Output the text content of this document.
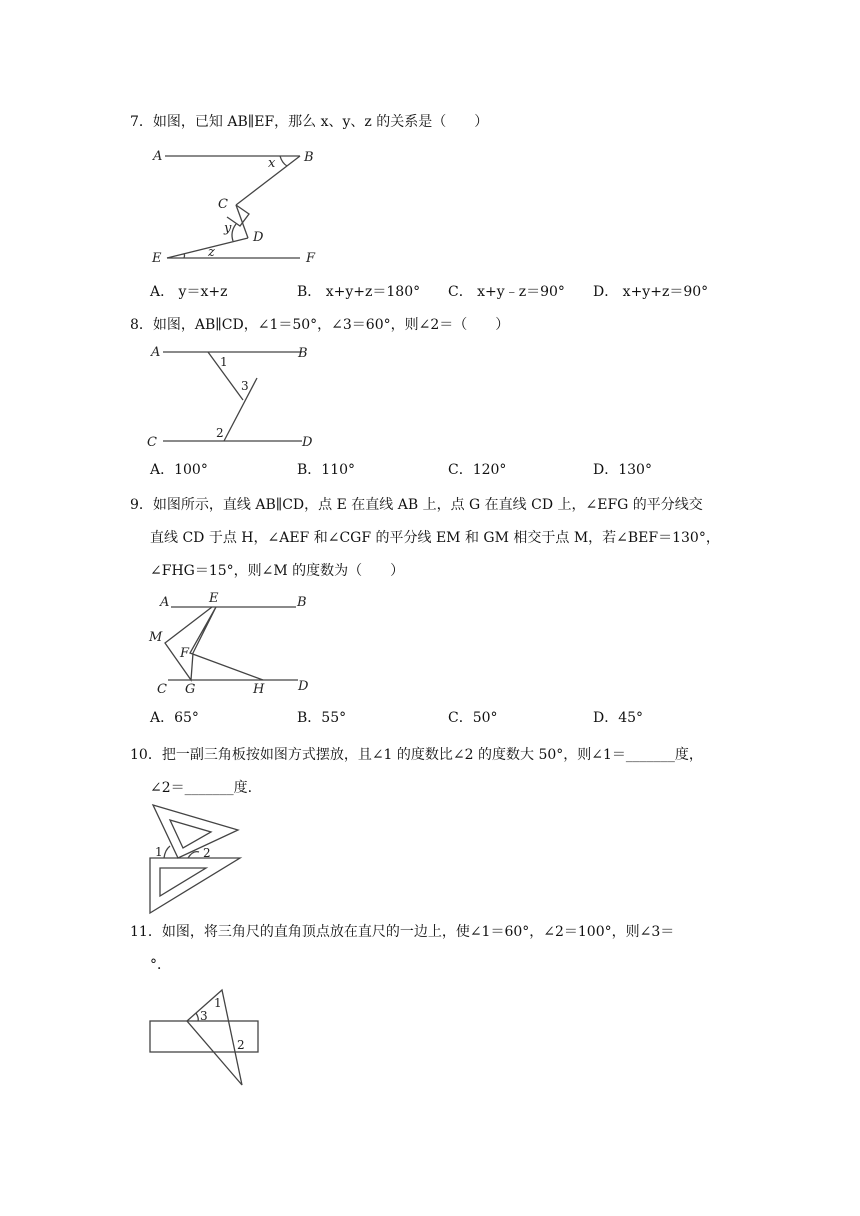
7．如图，已知 AB∥EF，那么 x、y、z 的关系是（　　）
A	B
C
D
E	F
x
y
z
A． y＝x+z	B． x+y+z＝180° C． x+y﹣z＝90° D． x+y+z＝90°
8．如图，AB∥CD，∠1＝50°，∠3＝60°，则∠2＝（　　）
A	B
C	D
1
2
3
A．100°	B．110°	C．120°	D．130°
9．如图所示，直线 AB∥CD，点 E 在直线 AB 上，点 G 在直线 CD 上，∠EFG 的平分线交
直线 CD 于点 H，∠AEF 和∠CGF 的平分线 EM 和 GM 相交于点 M，若∠BEF＝130°，
∠FHG＝15°，则∠M 的度数为（　　）
A	B
C	D
E
F
G	H
M
A．65°	B．55°	C．50°	D．45°
10．把一副三角板按如图方式摆放，且∠1 的度数比∠2 的度数大 50°，则∠1＝_______度，
∠2＝_______度.
1	2
11．如图，将三角尺的直角顶点放在直尺的一边上，使∠1＝60°，∠2＝100°，则∠3＝
°．
1
2
3
